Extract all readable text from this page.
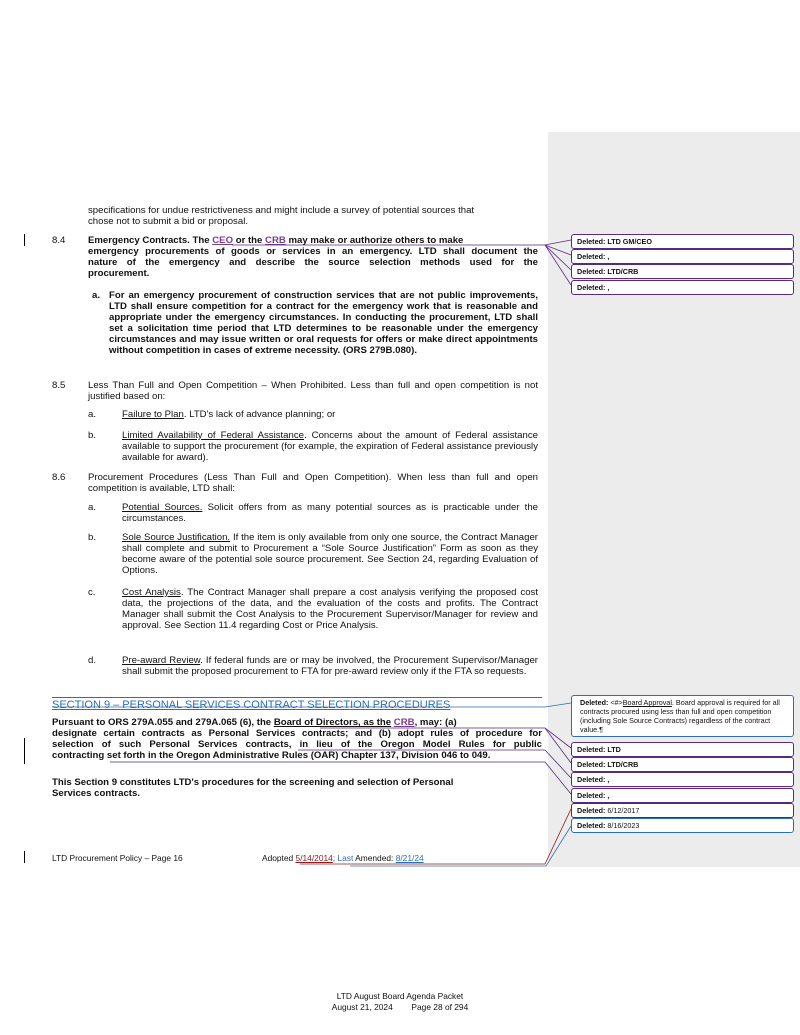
specifications for undue restrictiveness and might include a survey of potential sources that
chose not to submit a bid or proposal.
8.4 Emergency Contracts. The CEO or the CRB may make or authorize others to make
emergency procurements of goods or services in an emergency. LTD shall document the
nature of the emergency and describe the source selection methods used for the
procurement.
a. For an emergency procurement of construction services that are not public improvements, LTD shall ensure competition for a contract for the emergency work that is reasonable and appropriate under the emergency circumstances. In conducting the procurement, LTD shall set a solicitation time period that LTD determines to be reasonable under the emergency circumstances and may issue written or oral requests for offers or make direct appointments without competition in cases of extreme necessity. (ORS 279B.080).
8.5 Less Than Full and Open Competition – When Prohibited. Less than full and open competition is not justified based on:
a.	Failure to Plan. LTD's lack of advance planning; or
b.	Limited Availability of Federal Assistance. Concerns about the amount of Federal assistance available to support the procurement (for example, the expiration of Federal assistance previously available for award).
8.6 Procurement Procedures (Less Than Full and Open Competition). When less than full and open competition is available, LTD shall:
a.	Potential Sources. Solicit offers from as many potential sources as is practicable under the circumstances.
b.	Sole Source Justification. If the item is only available from only one source, the Contract Manager shall complete and submit to Procurement a “Sole Source Justification” Form as soon as they become aware of the potential sole source procurement. See Section 24, regarding Evaluation of Options.
c.	Cost Analysis. The Contract Manager shall prepare a cost analysis verifying the proposed cost data, the projections of the data, and the evaluation of the costs and profits. The Contract Manager shall submit the Cost Analysis to the Procurement Supervisor/Manager for review and approval. See Section 11.4 regarding Cost or Price Analysis.
d.	Pre-award Review. If federal funds are or may be involved, the Procurement Supervisor/Manager shall submit the proposed procurement to FTA for pre-award review only if the FTA so requests.
SECTION 9 – PERSONAL SERVICES CONTRACT SELECTION PROCEDURES
Pursuant to ORS 279A.055 and 279A.065 (6), the Board of Directors, as the CRB, may: (a)
designate certain contracts as Personal Services contracts; and (b) adopt rules of procedure for
selection of such Personal Services contracts, in lieu of the Oregon Model Rules for public
contracting set forth in the Oregon Administrative Rules (OAR) Chapter 137, Division 046 to 049.
This Section 9 constitutes LTD's procedures for the screening and selection of Personal
Services contracts.
LTD Procurement Policy – Page 16	Adopted 5/14/2014; Last Amended: 8/21/24
Deleted: LTD GM/CEO
Deleted: ,
Deleted: LTD/CRB
Deleted: ,
Deleted: <#>Board Approval. Board approval is required for all contracts procured using less than full and open competition (including Sole Source Contracts) regardless of the contract value.¶
Deleted: LTD
Deleted: LTD/CRB
Deleted: ,
Deleted: ,
Deleted: 6/12/2017
Deleted: 8/16/2023
LTD August Board Agenda Packet
August 21, 2024 Page 28 of 294
